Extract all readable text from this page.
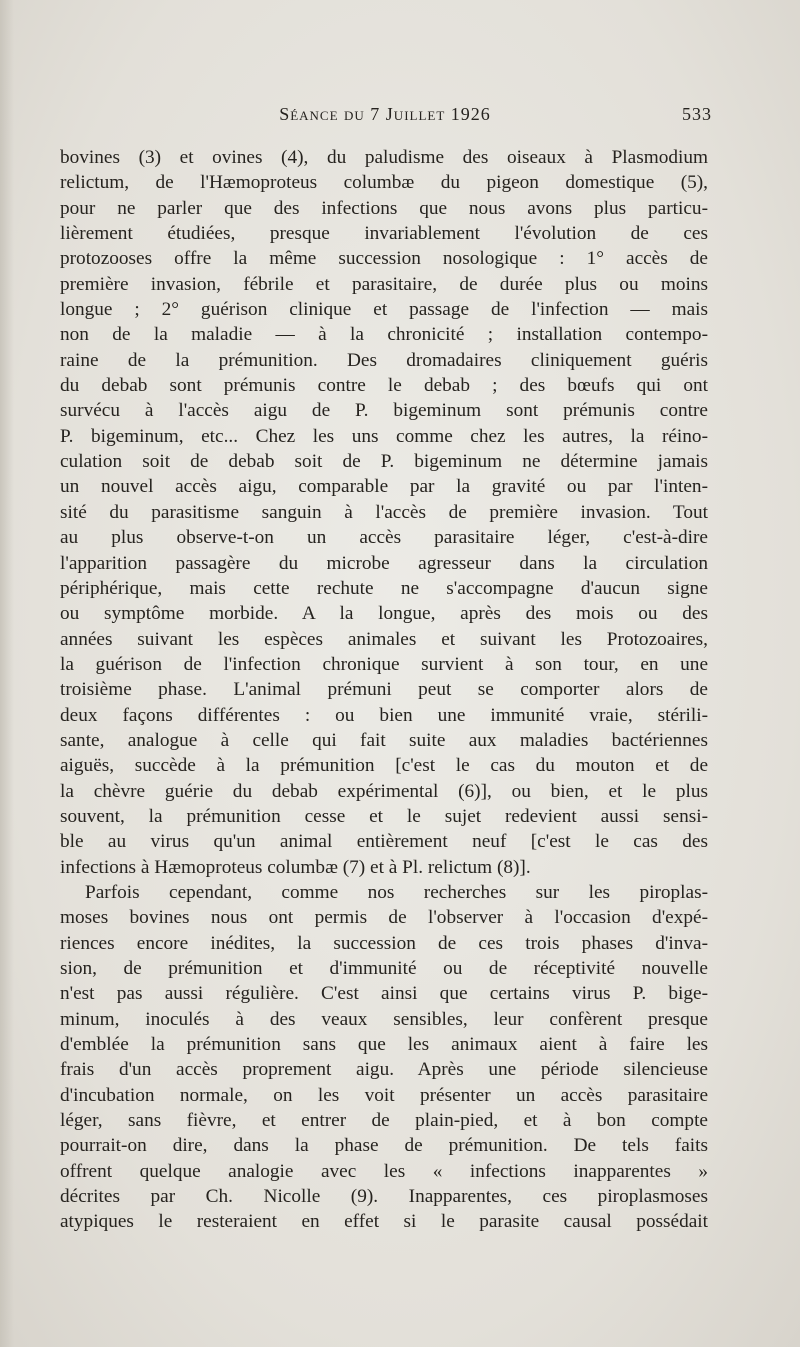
Séance du 7 Juillet 1926	533
bovines (3) et ovines (4), du paludisme des oiseaux à Plasmodium
relictum, de l'Hæmoproteus columbæ du pigeon domestique (5),
pour ne parler que des infections que nous avons plus particu-
lièrement étudiées, presque invariablement l'évolution de ces
protozooses offre la même succession nosologique : 1° accès de
première invasion, fébrile et parasitaire, de durée plus ou moins
longue ; 2° guérison clinique et passage de l'infection — mais
non de la maladie — à la chronicité ; installation contempo-
raine de la prémunition. Des dromadaires cliniquement guéris
du debab sont prémunis contre le debab ; des bœufs qui ont
survécu à l'accès aigu de P. bigeminum sont prémunis contre
P. bigeminum, etc... Chez les uns comme chez les autres, la réino-
culation soit de debab soit de P. bigeminum ne détermine jamais
un nouvel accès aigu, comparable par la gravité ou par l'inten-
sité du parasitisme sanguin à l'accès de première invasion. Tout
au plus observe-t-on un accès parasitaire léger, c'est-à-dire
l'apparition passagère du microbe agresseur dans la circulation
périphérique, mais cette rechute ne s'accompagne d'aucun signe
ou symptôme morbide. A la longue, après des mois ou des
années suivant les espèces animales et suivant les Protozoaires,
la guérison de l'infection chronique survient à son tour, en une
troisième phase. L'animal prémuni peut se comporter alors de
deux façons différentes : ou bien une immunité vraie, stérili-
sante, analogue à celle qui fait suite aux maladies bactériennes
aiguës, succède à la prémunition [c'est le cas du mouton et de
la chèvre guérie du debab expérimental (6)], ou bien, et le plus
souvent, la prémunition cesse et le sujet redevient aussi sensi-
ble au virus qu'un animal entièrement neuf [c'est le cas des
infections à Hæmoproteus columbæ (7) et à Pl. relictum (8)].
Parfois cependant, comme nos recherches sur les piroplas-
moses bovines nous ont permis de l'observer à l'occasion d'expé-
riences encore inédites, la succession de ces trois phases d'inva-
sion, de prémunition et d'immunité ou de réceptivité nouvelle
n'est pas aussi régulière. C'est ainsi que certains virus P. bige-
minum, inoculés à des veaux sensibles, leur confèrent presque
d'emblée la prémunition sans que les animaux aient à faire les
frais d'un accès proprement aigu. Après une période silencieuse
d'incubation normale, on les voit présenter un accès parasitaire
léger, sans fièvre, et entrer de plain-pied, et à bon compte
pourrait-on dire, dans la phase de prémunition. De tels faits
offrent quelque analogie avec les « infections inapparentes »
décrites par Ch. Nicolle (9). Inapparentes, ces piroplasmoses
atypiques le resteraient en effet si le parasite causal possédait
